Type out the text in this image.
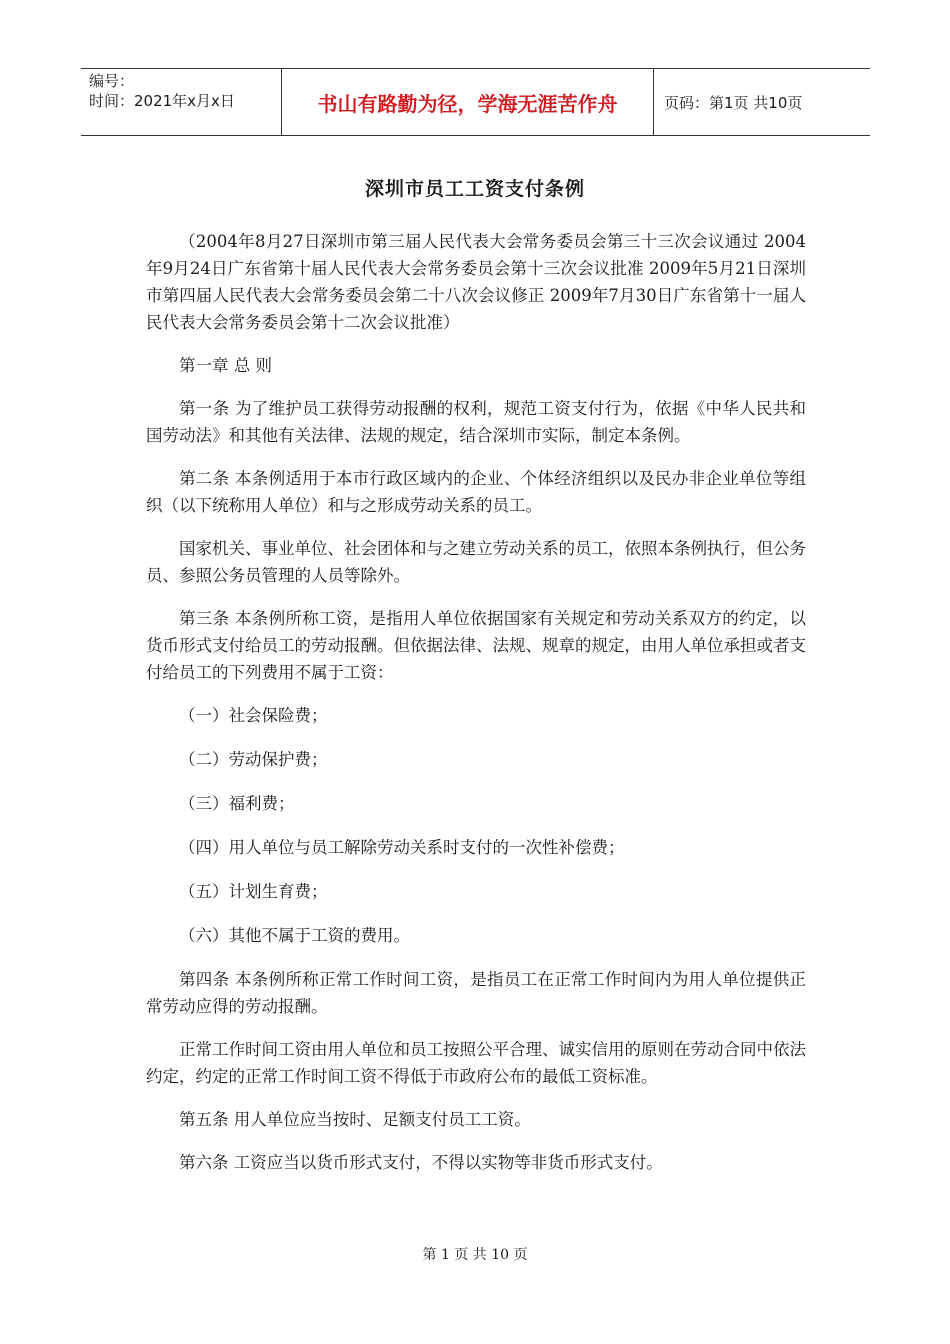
编号：
时间：2021年x月x日	书山有路勤为径，学海无涯苦作舟	页码：第1页 共10页
深圳市员工工资支付条例

（2004年8月27日深圳市第三届人民代表大会常务委员会第三十三次会议通过 2004年9月24日广东省第十届人民代表大会常务委员会第十三次会议批准 2009年5月21日深圳市第四届人民代表大会常务委员会第二十八次会议修正 2009年7月30日广东省第十一届人民代表大会常务委员会第十二次会议批准）

第一章 总 则

第一条 为了维护员工获得劳动报酬的权利，规范工资支付行为，依据《中华人民共和国劳动法》和其他有关法律、法规的规定，结合深圳市实际，制定本条例。

第二条 本条例适用于本市行政区域内的企业、个体经济组织以及民办非企业单位等组织（以下统称用人单位）和与之形成劳动关系的员工。

国家机关、事业单位、社会团体和与之建立劳动关系的员工，依照本条例执行，但公务员、参照公务员管理的人员等除外。

第三条 本条例所称工资，是指用人单位依据国家有关规定和劳动关系双方的约定，以货币形式支付给员工的劳动报酬。但依据法律、法规、规章的规定，由用人单位承担或者支付给员工的下列费用不属于工资：

（一）社会保险费；

（二）劳动保护费；

（三）福利费；

（四）用人单位与员工解除劳动关系时支付的一次性补偿费；

（五）计划生育费；

（六）其他不属于工资的费用。

第四条 本条例所称正常工作时间工资，是指员工在正常工作时间内为用人单位提供正常劳动应得的劳动报酬。

正常工作时间工资由用人单位和员工按照公平合理、诚实信用的原则在劳动合同中依法约定，约定的正常工作时间工资不得低于市政府公布的最低工资标准。

第五条 用人单位应当按时、足额支付员工工资。

第六条 工资应当以货币形式支付，不得以实物等非货币形式支付。

第 1 页 共 10 页
